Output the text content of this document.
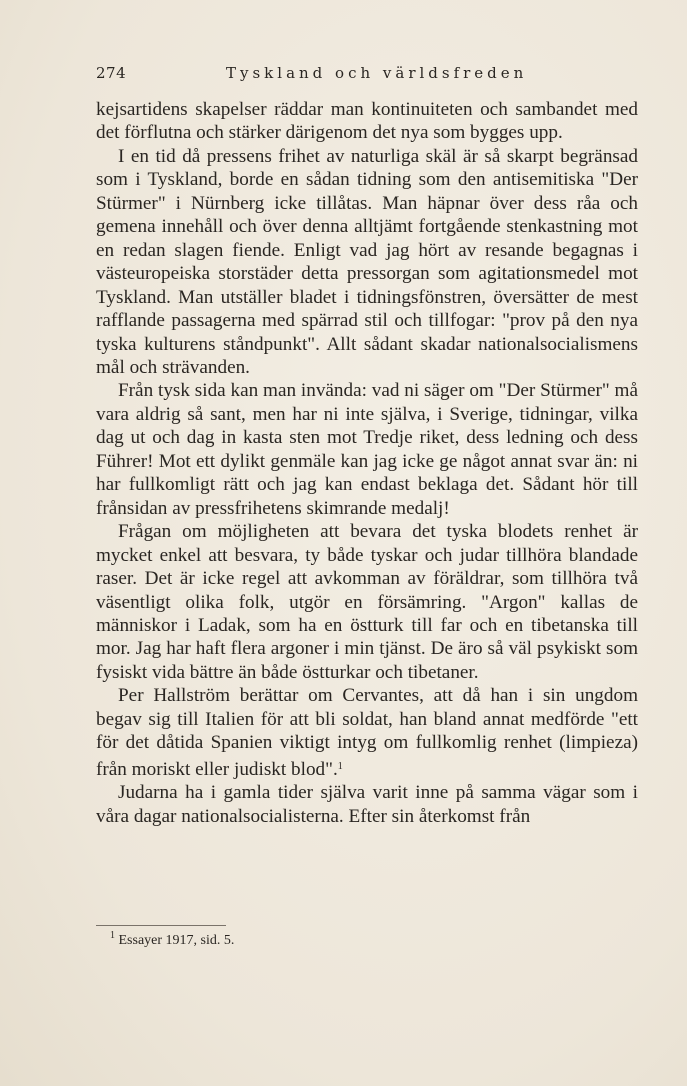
274	Tyskland och världsfreden

kejsartidens skapelser räddar man kontinuiteten och sambandet med det förflutna och stärker därigenom det nya som bygges upp.

I en tid då pressens frihet av naturliga skäl är så skarpt begränsad som i Tyskland, borde en sådan tidning som den antisemitiska "Der Stürmer" i Nürnberg icke tillåtas. Man häpnar över dess råa och gemena innehåll och över denna alltjämt fortgående stenkastning mot en redan slagen fiende. Enligt vad jag hört av resande begagnas i västeuropeiska storstäder detta pressorgan som agitationsmedel mot Tyskland. Man utställer bladet i tidningsfönstren, översätter de mest rafflande passagerna med spärrad stil och tillfogar: "prov på den nya tyska kulturens ståndpunkt". Allt sådant skadar nationalsocialismens mål och strävanden.

Från tysk sida kan man invända: vad ni säger om "Der Stürmer" må vara aldrig så sant, men har ni inte själva, i Sverige, tidningar, vilka dag ut och dag in kasta sten mot Tredje riket, dess ledning och dess Führer! Mot ett dylikt genmäle kan jag icke ge något annat svar än: ni har fullkomligt rätt och jag kan endast beklaga det. Sådant hör till frånsidan av pressfrihetens skimrande medalj!

Frågan om möjligheten att bevara det tyska blodets renhet är mycket enkel att besvara, ty både tyskar och judar tillhöra blandade raser. Det är icke regel att avkomman av föräldrar, som tillhöra två väsentligt olika folk, utgör en försämring. "Argon" kallas de människor i Ladak, som ha en östturk till far och en tibetanska till mor. Jag har haft flera argoner i min tjänst. De äro så väl psykiskt som fysiskt vida bättre än både östturkar och tibetaner.

Per Hallström berättar om Cervantes, att då han i sin ungdom begav sig till Italien för att bli soldat, han bland annat medförde "ett för det dåtida Spanien viktigt intyg om fullkomlig renhet (limpieza) från moriskt eller judiskt blod".$^1$

Judarna ha i gamla tider själva varit inne på samma vägar som i våra dagar nationalsocialisterna. Efter sin återkomst från

$^1$ Essayer 1917, sid. 5.
